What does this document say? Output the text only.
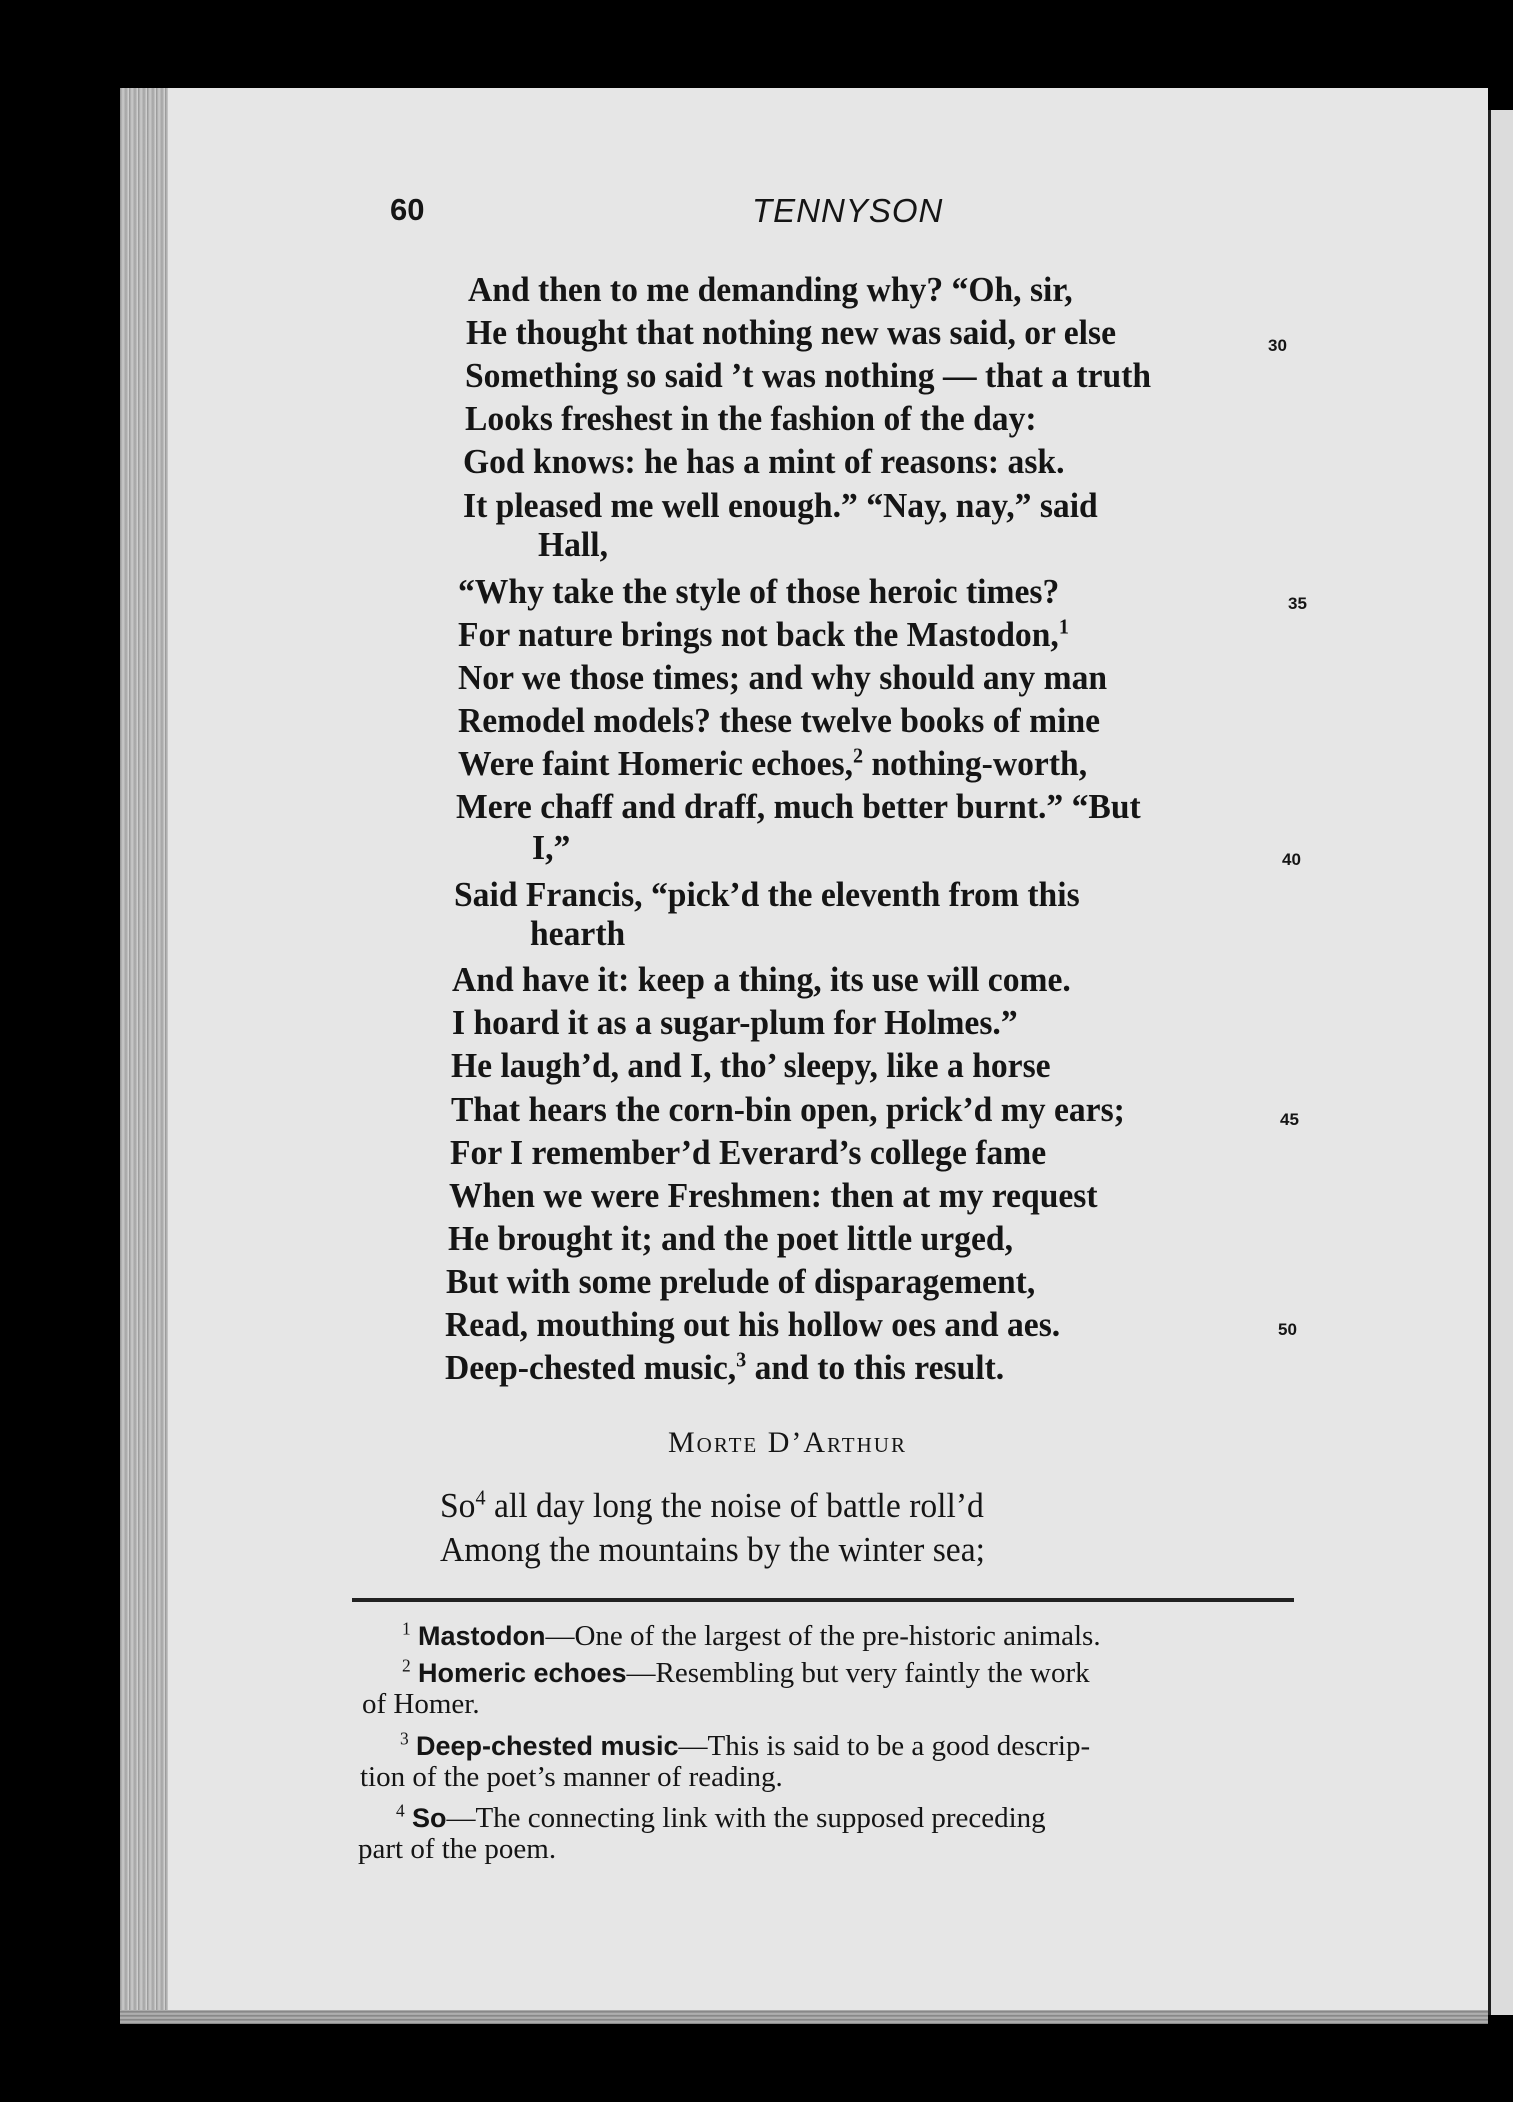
60	TENNYSON
And then to me demanding why? “Oh, sir,
He thought that nothing new was said, or else
Something so said ’t was nothing — that a truth
Looks freshest in the fashion of the day:
God knows: he has a mint of reasons: ask.
It pleased me well enough.” “Nay, nay,” said
Hall,
“Why take the style of those heroic times?
For nature brings not back the Mastodon,$^1$
Nor we those times; and why should any man
Remodel models? these twelve books of mine
Were faint Homeric echoes,$^2$ nothing-worth,
Mere chaff and draff, much better burnt.” “But
I,”
Said Francis, “pick’d the eleventh from this
hearth
And have it: keep a thing, its use will come.
I hoard it as a sugar-plum for Holmes.”
He laugh’d, and I, tho’ sleepy, like a horse
That hears the corn-bin open, prick’d my ears;
For I remember’d Everard’s college fame
When we were Freshmen: then at my request
He brought it; and the poet little urged,
But with some prelude of disparagement,
Read, mouthing out his hollow oes and aes.
Deep-chested music,$^3$ and to this result.
Morte D’Arthur
So$^4$ all day long the noise of battle roll’d
Among the mountains by the winter sea;
30
35
40
45
50
$^1$ Mastodon—One of the largest of the pre-historic animals.
$^2$ Homeric echoes—Resembling but very faintly the work
of Homer.
$^3$ Deep-chested music—This is said to be a good descrip-
tion of the poet’s manner of reading.
$^4$ So—The connecting link with the supposed preceding
part of the poem.
